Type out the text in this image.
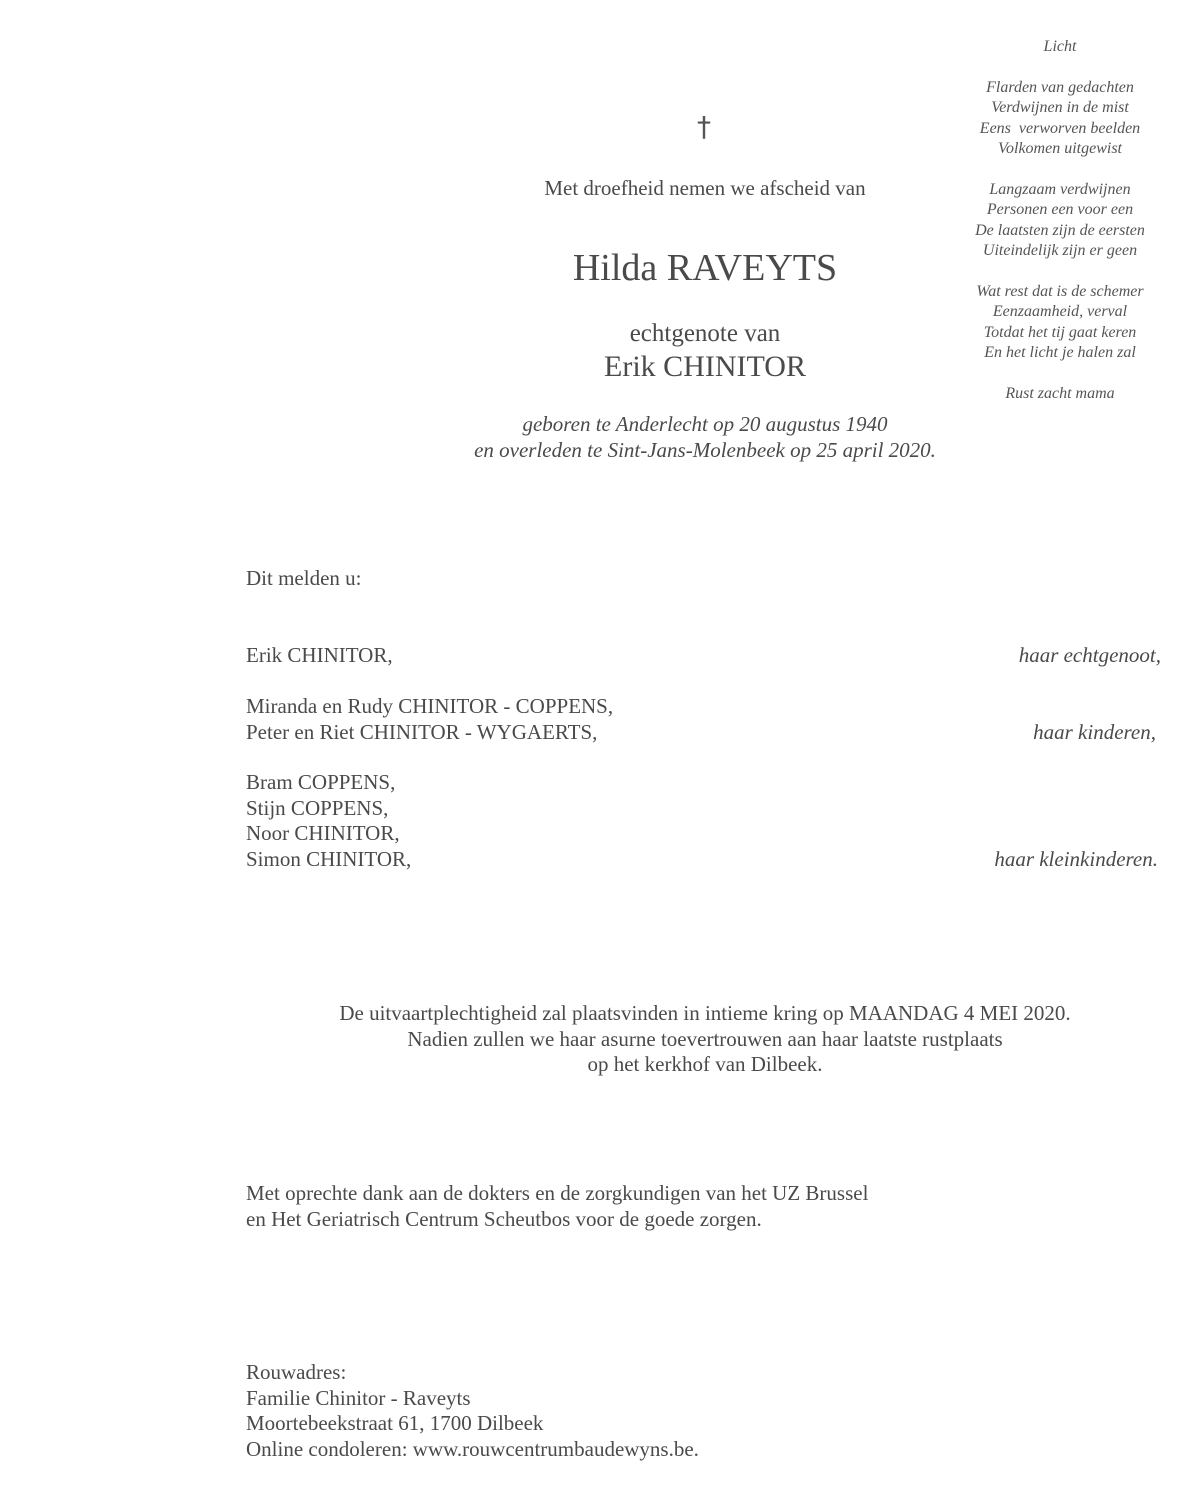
Licht
Flarden van gedachten
Verdwijnen in de mist
Eens  verworven beelden
Volkomen uitgewist
Langzaam verdwijnen
Personen een voor een
De laatsten zijn de eersten
Uiteindelijk zijn er geen
Wat rest dat is de schemer
Eenzaamheid, verval
Totdat het tij gaat keren
En het licht je halen zal
Rust zacht mama
†
Met droefheid nemen we afscheid van
Hilda RAVEYTS
echtgenote van
Erik CHINITOR
geboren te Anderlecht op 20 augustus 1940
en overleden te Sint-Jans-Molenbeek op 25 april 2020.
Dit melden u:
Erik CHINITOR,	haar echtgenoot,
Miranda en Rudy CHINITOR - COPPENS,
Peter en Riet CHINITOR - WYGAERTS,	haar kinderen,
Bram COPPENS,
Stijn COPPENS,
Noor CHINITOR,
Simon CHINITOR,	haar kleinkinderen.
De uitvaartplechtigheid zal plaatsvinden in intieme kring op MAANDAG 4 MEI 2020.
Nadien zullen we haar asurne toevertrouwen aan haar laatste rustplaats
op het kerkhof van Dilbeek.
Met oprechte dank aan de dokters en de zorgkundigen van het UZ Brussel
en Het Geriatrisch Centrum Scheutbos voor de goede zorgen.
Rouwadres:
Familie Chinitor - Raveyts
Moortebeekstraat 61, 1700 Dilbeek
Online condoleren: www.rouwcentrumbaudewyns.be.
